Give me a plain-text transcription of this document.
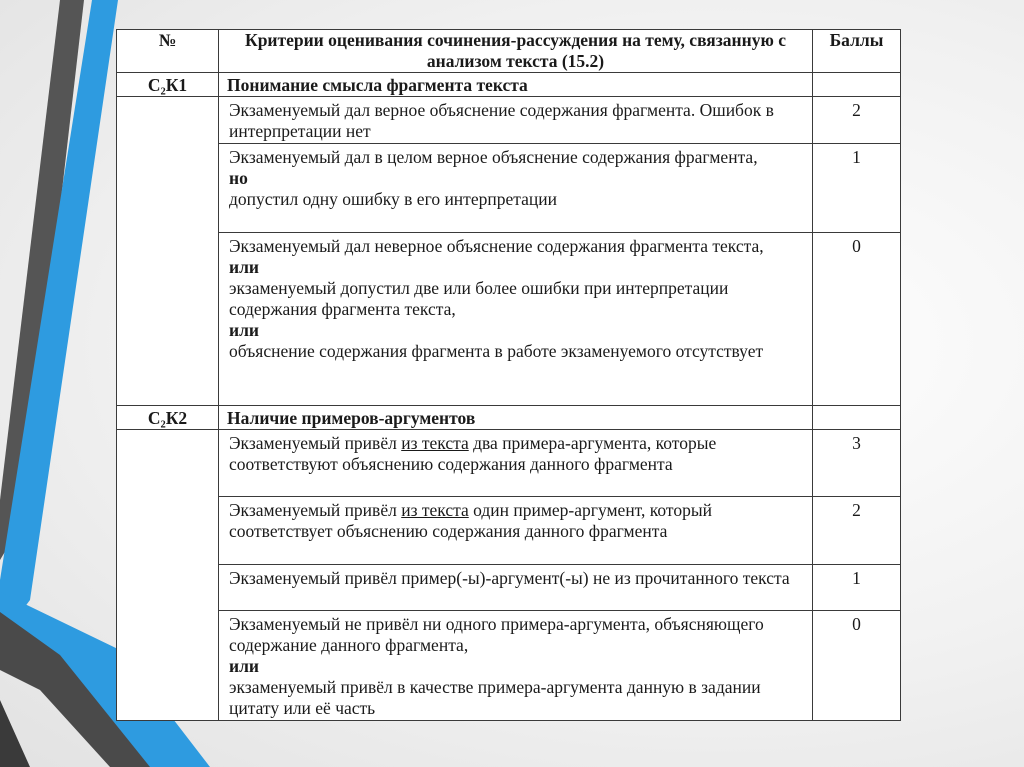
№	Критерии оценивания сочинения-рассуждения на тему, связанную с анализом текста (15.2)	Баллы
С₂К1	Понимание смысла фрагмента текста	
	Экзаменуемый дал верное объяснение содержания фрагмента. Ошибок в интерпретации нет	2
	Экзаменуемый дал в целом верное объяснение содержания фрагмента,
но
допустил одну ошибку в его интерпретации	1
	Экзаменуемый дал неверное объяснение содержания фрагмента текста,
или
экзаменуемый допустил две или более ошибки при интерпретации содержания фрагмента текста,
или
объяснение содержания фрагмента в работе экзаменуемого отсутствует	0
С₂К2	Наличие примеров-аргументов	
	Экзаменуемый привёл из текста два примера-аргумента, которые соответствуют объяснению содержания данного фрагмента	3
	Экзаменуемый привёл из текста один пример-аргумент, который соответствует объяснению содержания данного фрагмента	2
	Экзаменуемый привёл пример(-ы)-аргумент(-ы) не из прочитанного текста	1
	Экзаменуемый не привёл ни одного примера-аргумента, объясняющего содержание данного фрагмента,
или
экзаменуемый привёл в качестве примера-аргумента данную в задании цитату или её часть	0
